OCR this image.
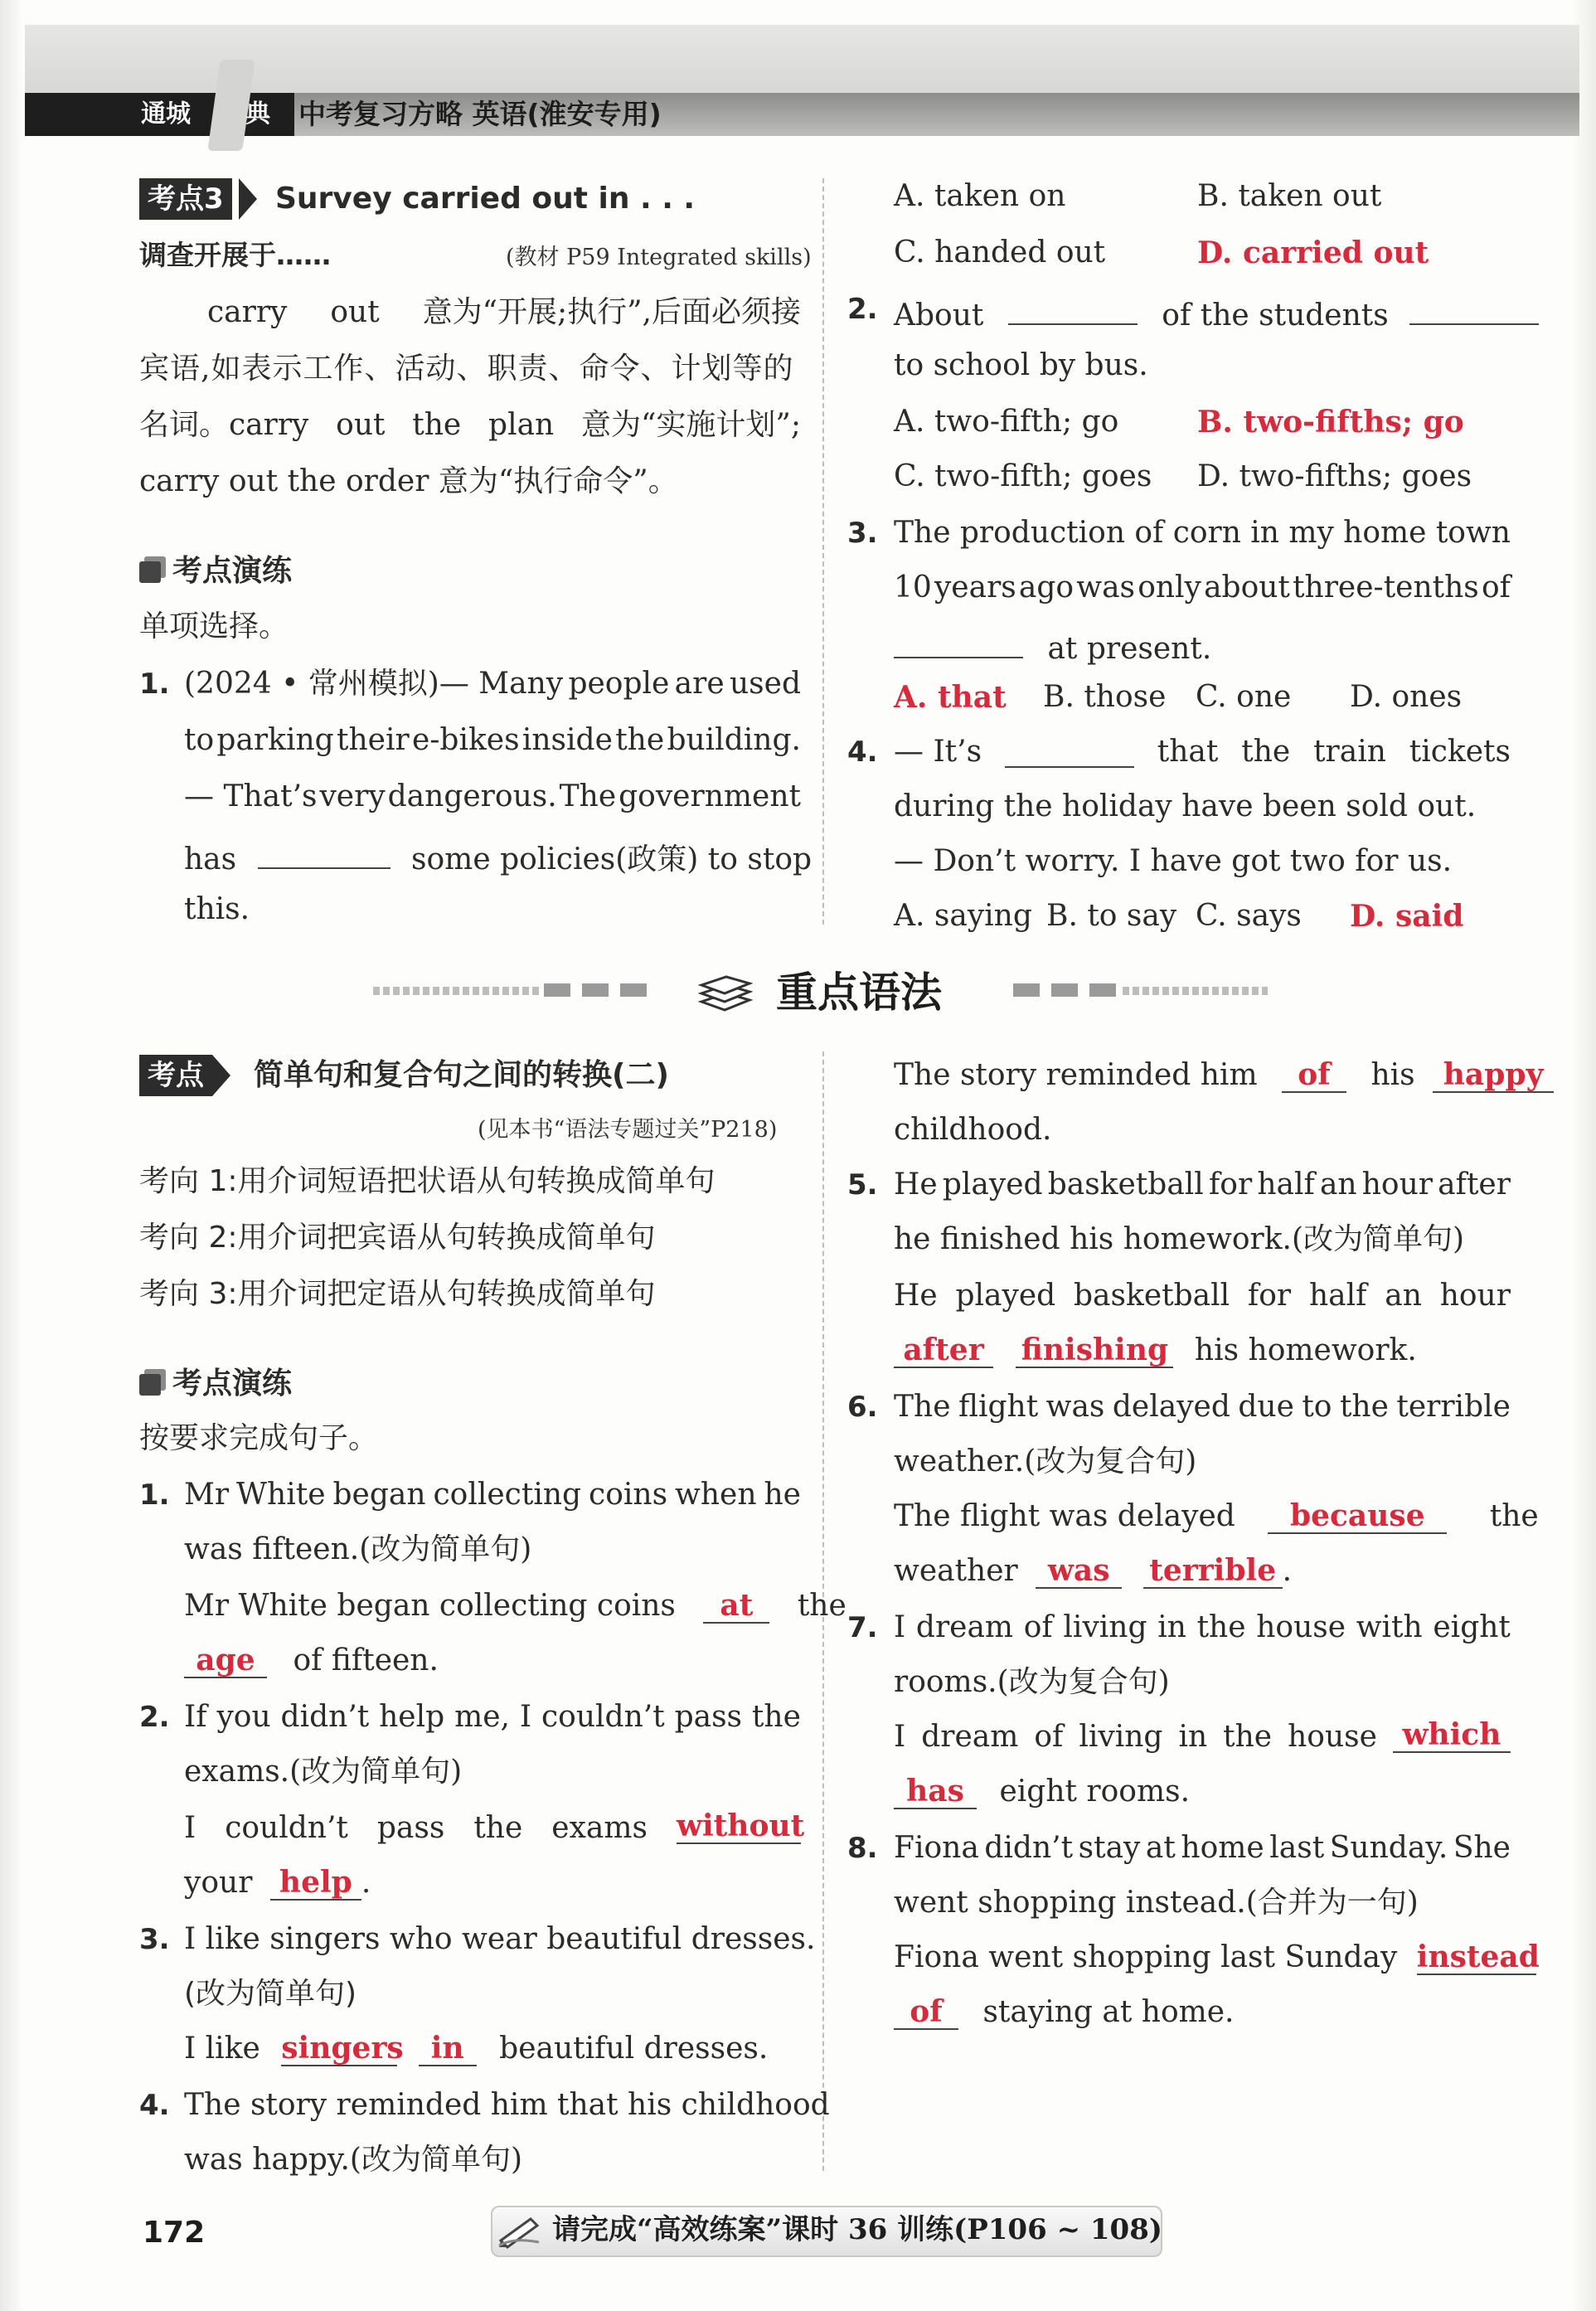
通城 典 中考复习方略 英语(淮安专用)
考点3 Survey carried out in . . .
调查开展于……	(教材 P59 Integrated skills)
carry out 意为“开展;执行”,后面必须接
宾语,如表示工作、活动、职责、命令、计划等的
名词。carry out the plan 意为“实施计划”;
carry out the order 意为“执行命令”。
考点演练
单项选择。
1. (2024 • 常州模拟)— Many people are used
to parking their e-bikes inside the building.
— That’s very dangerous. The government
has	some policies(政策) to stop
this.
A. taken on	B. taken out
C. handed out	D. carried out
2. About	of the students
to school by bus.
A. two-fifth; go	B. two-fifths; go
C. two-fifth; goes D. two-fifths; goes
3. The production of corn in my home town
10 years ago was only about three-tenths of
at present.
A. that B. those C. one D. ones
4. — It’s	that the train tickets
during the holiday have been sold out.
— Don’t worry. I have got two for us.
A. saying B. to say C. says D. said
重点语法
考点 简单句和复合句之间的转换(二)
(见本书“语法专题过关”P218)
考向 1:用介词短语把状语从句转换成简单句
考向 2:用介词把宾语从句转换成简单句
考向 3:用介词把定语从句转换成简单句
考点演练
按要求完成句子。
1. Mr White began collecting coins when he
was fifteen.(改为简单句)
Mr White began collecting coins at the
age of fifteen.
2. If you didn’t help me, I couldn’t pass the
exams.(改为简单句)
I couldn’t pass the exams without
your help .
3. I like singers who wear beautiful dresses.
(改为简单句)
I like singers in beautiful dresses.
4. The story reminded him that his childhood
was happy.(改为简单句)
The story reminded him of his happy
childhood.
5. He played basketball for half an hour after
he finished his homework.(改为简单句)
He played basketball for half an hour
after finishing his homework.
6. The flight was delayed due to the terrible
weather.(改为复合句)
The flight was delayed because the
weather was terrible .
7. I dream of living in the house with eight
rooms.(改为复合句)
I dream of living in the house which
has eight rooms.
8. Fiona didn’t stay at home last Sunday. She
went shopping instead.(合并为一句)
Fiona went shopping last Sunday instead
of staying at home.
172	请完成“高效练案”课时 36 训练(P106 ~ 108)
